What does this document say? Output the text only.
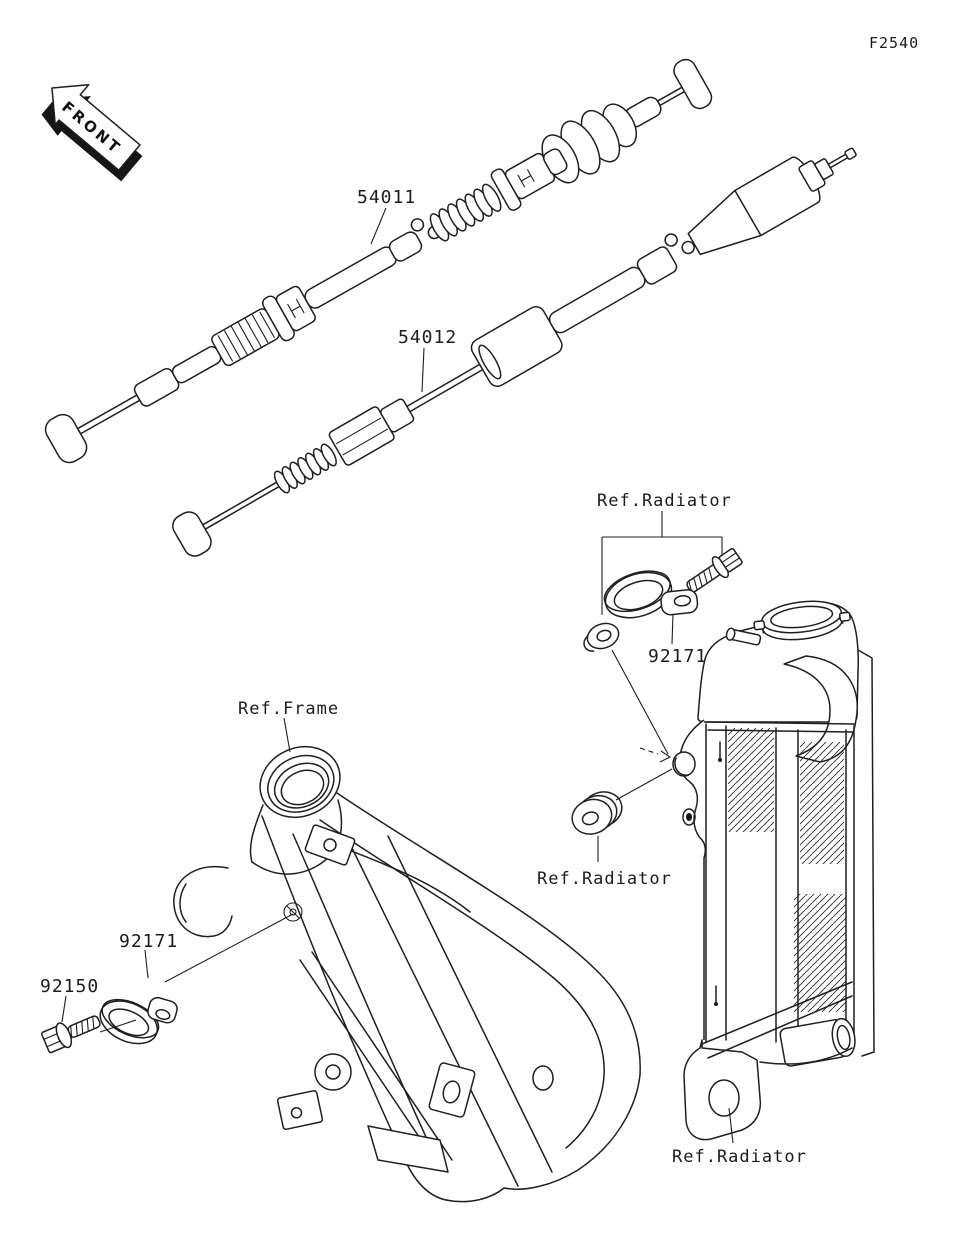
FRONT
F2540
54011
54012
Ref.Radiator
92171
Ref.Frame
Ref.Radiator
92171
92150
Ref.Radiator
